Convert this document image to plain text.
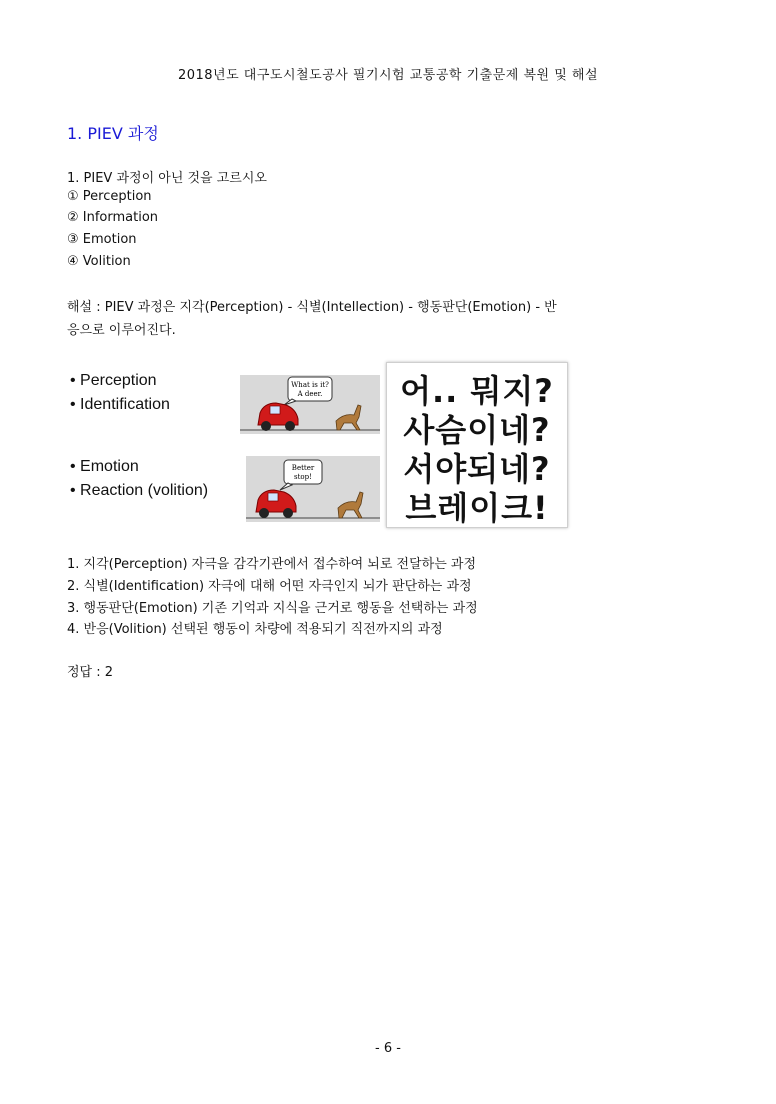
2018년도 대구도시철도공사 필기시험 교통공학 기출문제 복원 및 해설
1. PIEV 과정
1. PIEV 과정이 아닌 것을 고르시오
① Perception
② Information
③ Emotion
④ Volition
해설 : PIEV 과정은 지각(Perception) - 식별(Intellection) - 행동판단(Emotion) - 반
응으로 이루어진다.
• Perception
• Identification
• Emotion
• Reaction (volition)
What is it?
A deer.
Better
stop!
어.. 뭐지?
사슴이네?
서야되네?
브레이크!
1. 지각(Perception) 자극을 감각기관에서 접수하여 뇌로 전달하는 과정
2. 식별(Identification) 자극에 대해 어떤 자극인지 뇌가 판단하는 과정
3. 행동판단(Emotion) 기존 기억과 지식을 근거로 행동을 선택하는 과정
4. 반응(Volition) 선택된 행동이 차량에 적용되기 직전까지의 과정
정답 : 2
- 6 -
